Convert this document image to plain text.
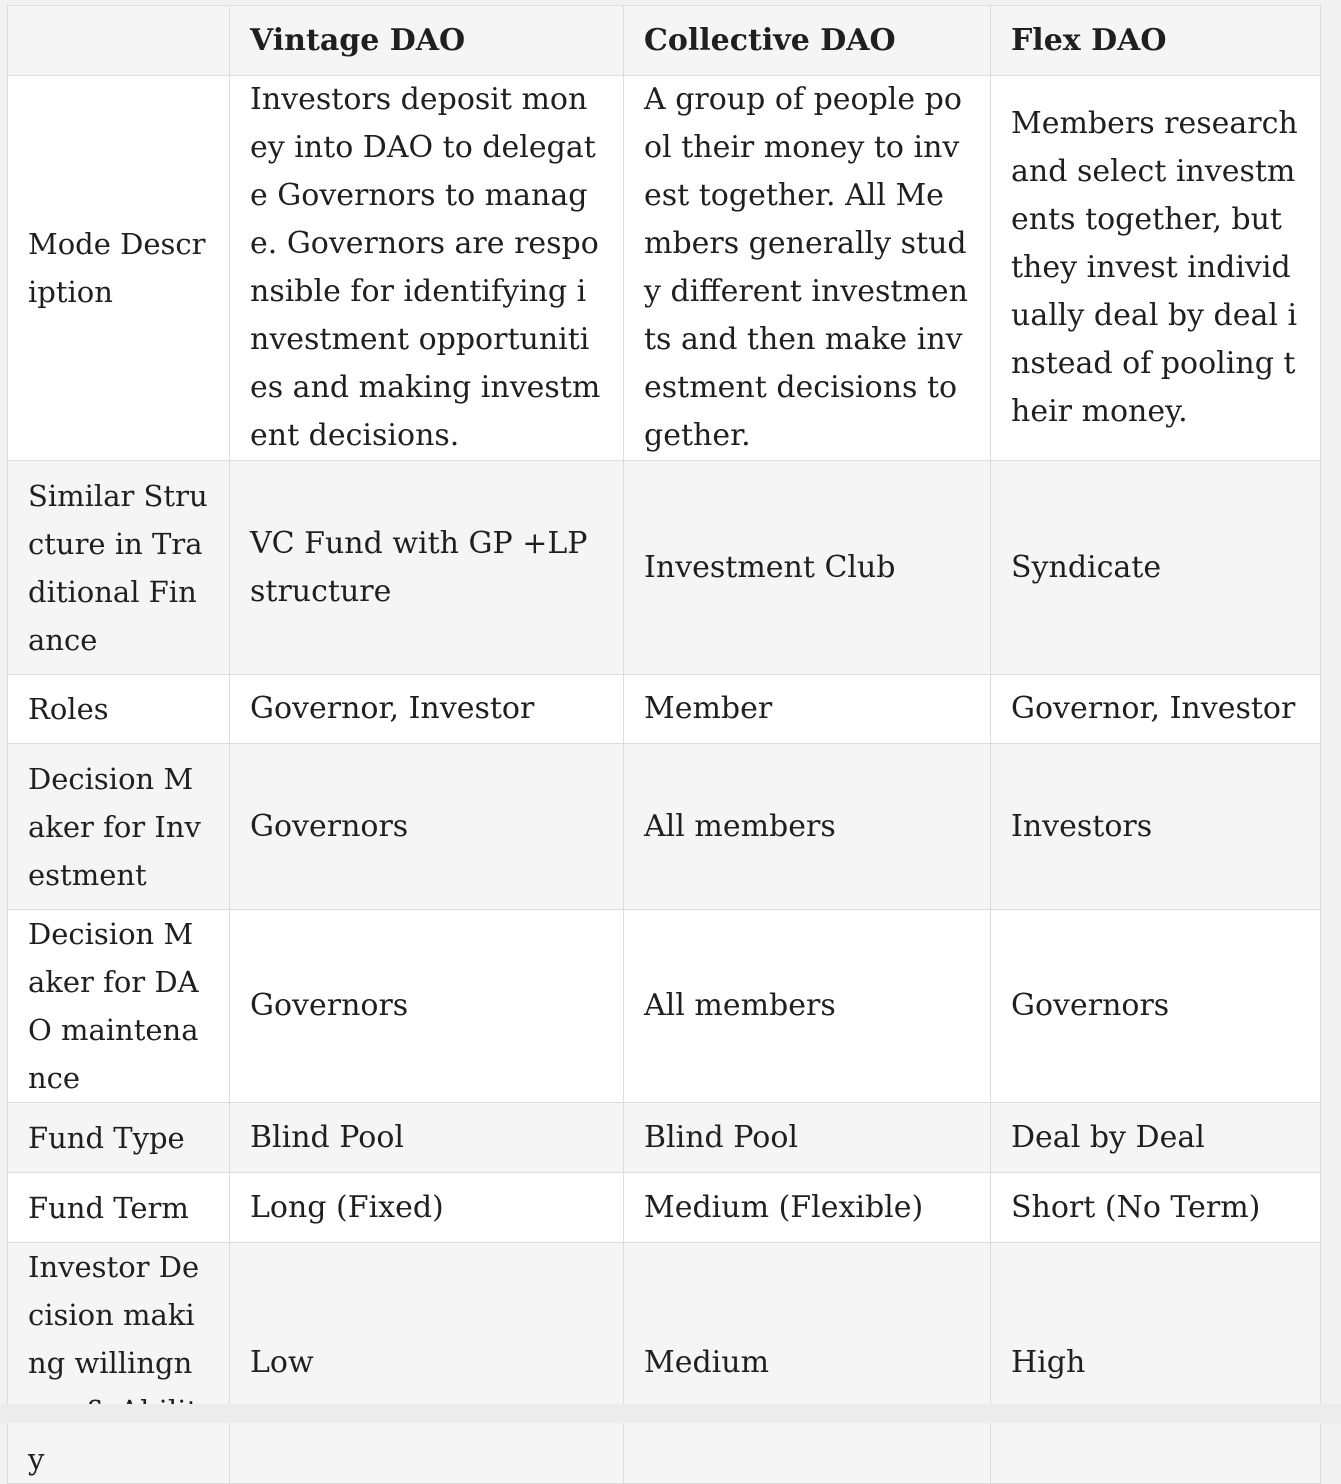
	Vintage DAO	Collective DAO	Flex DAO
Mode Description	Investors deposit money into DAO to delegate Governors to manage. Governors are responsible for identifying investment opportunities and making investment decisions.	A group of people pool their money to invest together. All Members generally study different investments and then make investment decisions together.	Members research and select investments together, but they invest individually deal by deal instead of pooling their money.
Similar Structure in Traditional Finance	VC Fund with GP +LP structure	Investment Club	Syndicate
Roles	Governor, Investor	Member	Governor, Investor
Decision Maker for Investment	Governors	All members	Investors
Decision Maker for DAO maintenance	Governors	All members	Governors
Fund Type	Blind Pool	Blind Pool	Deal by Deal
Fund Term	Long (Fixed)	Medium (Flexible)	Short (No Term)
Investor Decision making willingn y	Low	Medium	High
